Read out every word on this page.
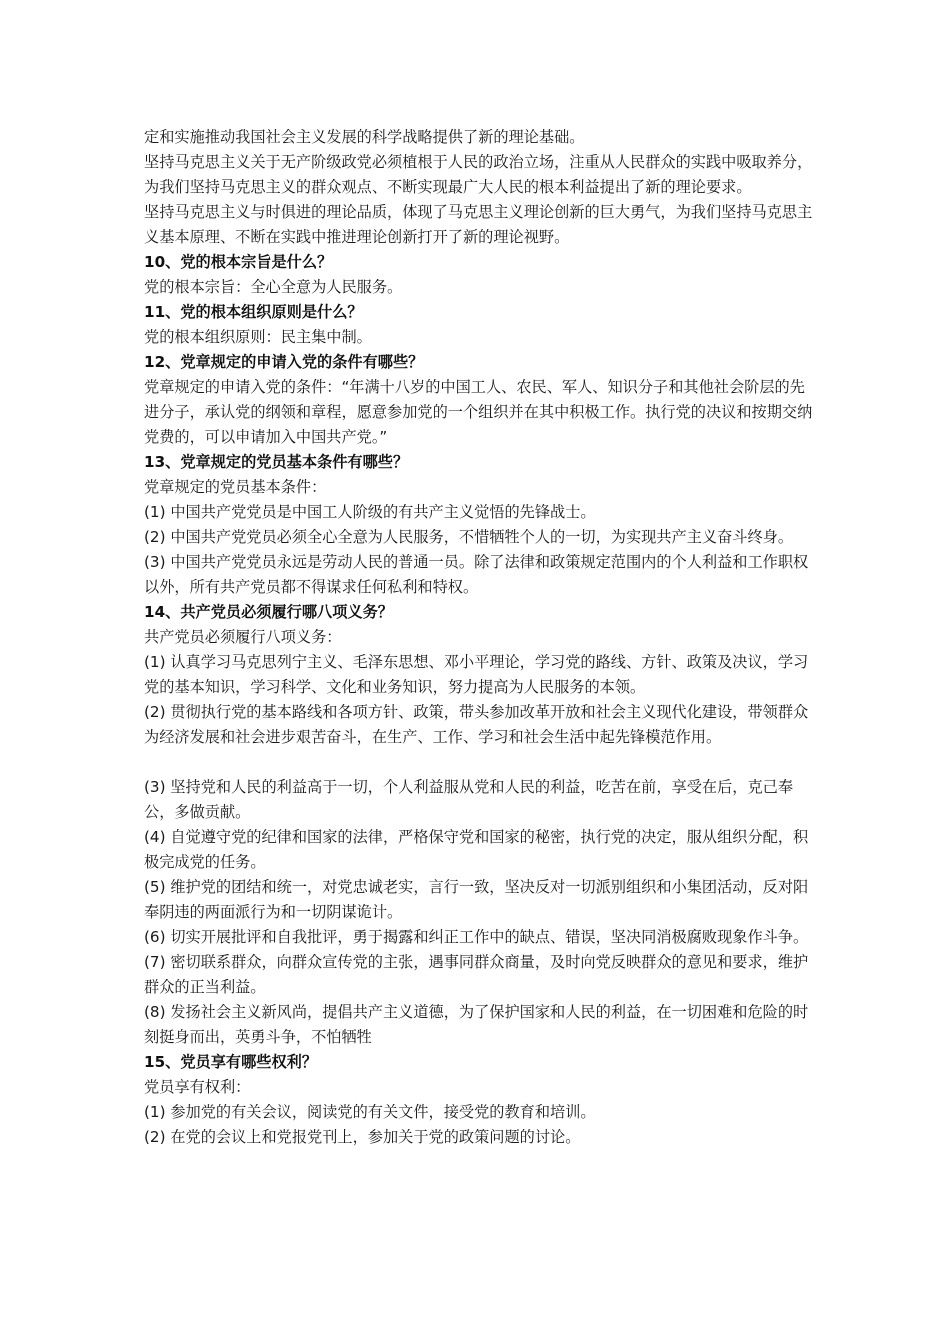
定和实施推动我国社会主义发展的科学战略提供了新的理论基础。

坚持马克思主义关于无产阶级政党必须植根于人民的政治立场，注重从人民群众的实践中吸取养分，为我们坚持马克思主义的群众观点、不断实现最广大人民的根本利益提出了新的理论要求。

坚持马克思主义与时俱进的理论品质，体现了马克思主义理论创新的巨大勇气，为我们坚持马克思主义基本原理、不断在实践中推进理论创新打开了新的理论视野。

10、党的根本宗旨是什么？

党的根本宗旨：全心全意为人民服务。

11、党的根本组织原则是什么？

党的根本组织原则：民主集中制。

12、党章规定的申请入党的条件有哪些？

党章规定的申请入党的条件：“年满十八岁的中国工人、农民、军人、知识分子和其他社会阶层的先进分子，承认党的纲领和章程，愿意参加党的一个组织并在其中积极工作。执行党的决议和按期交纳党费的，可以申请加入中国共产党。”

13、党章规定的党员基本条件有哪些？

党章规定的党员基本条件：

(1) 中国共产党党员是中国工人阶级的有共产主义觉悟的先锋战士。

(2) 中国共产党党员必须全心全意为人民服务，不惜牺牲个人的一切，为实现共产主义奋斗终身。

(3) 中国共产党党员永远是劳动人民的普通一员。除了法律和政策规定范围内的个人利益和工作职权以外，所有共产党员都不得谋求任何私利和特权。

14、共产党员必须履行哪八项义务？

共产党员必须履行八项义务：

(1) 认真学习马克思列宁主义、毛泽东思想、邓小平理论，学习党的路线、方针、政策及决议，学习党的基本知识，学习科学、文化和业务知识，努力提高为人民服务的本领。

(2) 贯彻执行党的基本路线和各项方针、政策，带头参加改革开放和社会主义现代化建设，带领群众为经济发展和社会进步艰苦奋斗，在生产、工作、学习和社会生活中起先锋模范作用。

(3) 坚持党和人民的利益高于一切，个人利益服从党和人民的利益，吃苦在前，享受在后，克己奉公，多做贡献。

(4) 自觉遵守党的纪律和国家的法律，严格保守党和国家的秘密，执行党的决定，服从组织分配，积极完成党的任务。

(5) 维护党的团结和统一，对党忠诚老实，言行一致，坚决反对一切派别组织和小集团活动，反对阳奉阴违的两面派行为和一切阴谋诡计。

(6) 切实开展批评和自我批评，勇于揭露和纠正工作中的缺点、错误，坚决同消极腐败现象作斗争。

(7) 密切联系群众，向群众宣传党的主张，遇事同群众商量，及时向党反映群众的意见和要求，维护群众的正当利益。

(8) 发扬社会主义新风尚，提倡共产主义道德，为了保护国家和人民的利益，在一切困难和危险的时刻挺身而出，英勇斗争，不怕牺牲

15、党员享有哪些权利？

党员享有权利：

(1) 参加党的有关会议，阅读党的有关文件，接受党的教育和培训。

(2) 在党的会议上和党报党刊上，参加关于党的政策问题的讨论。
